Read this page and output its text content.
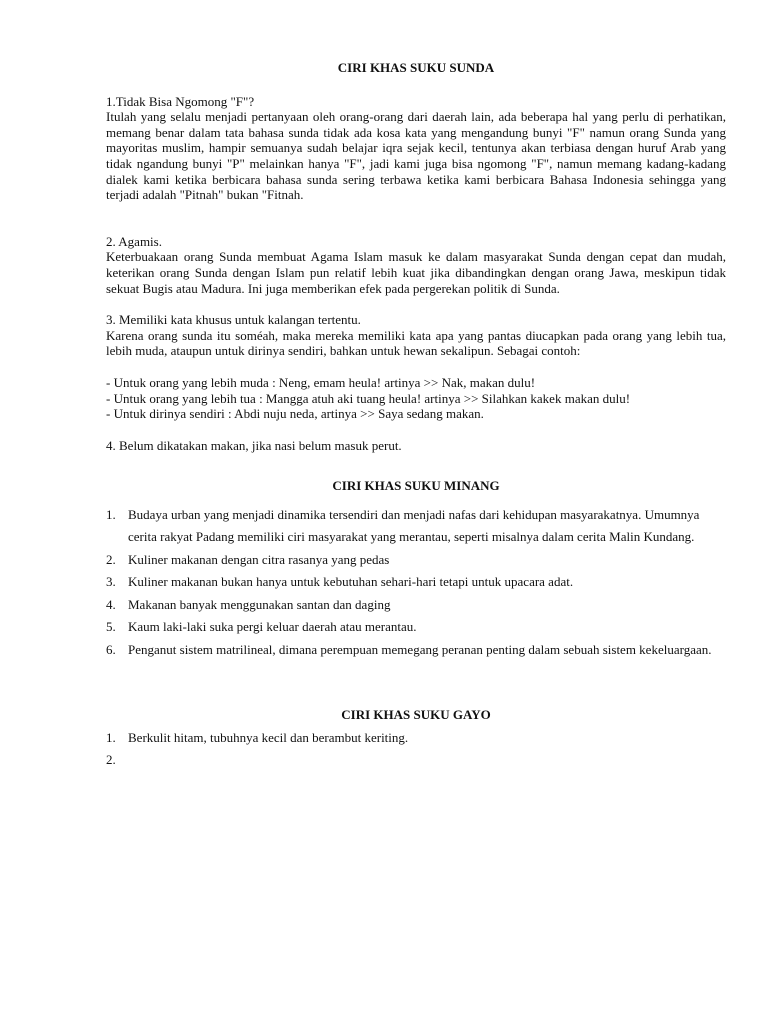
CIRI KHAS SUKU SUNDA

1.Tidak Bisa Ngomong "F"?

Itulah yang selalu menjadi pertanyaan oleh orang-orang dari daerah lain, ada beberapa hal yang perlu di perhatikan, memang benar dalam tata bahasa sunda tidak ada kosa kata yang mengandung bunyi "F" namun orang Sunda yang mayoritas muslim, hampir semuanya sudah belajar iqra sejak kecil, tentunya akan terbiasa dengan huruf Arab yang tidak ngandung bunyi "P" melainkan hanya "F", jadi kami juga bisa ngomong "F", namun memang kadang-kadang dialek kami ketika berbicara bahasa sunda sering terbawa ketika kami berbicara Bahasa Indonesia sehingga yang terjadi adalah "Pitnah" bukan "Fitnah.

2. Agamis.

Keterbuakaan orang Sunda membuat Agama Islam masuk ke dalam masyarakat Sunda dengan cepat dan mudah, keterikan orang Sunda dengan Islam pun relatif lebih kuat jika dibandingkan dengan orang Jawa, meskipun tidak sekuat Bugis atau Madura. Ini juga memberikan efek pada pergerekan politik di Sunda.

3. Memiliki kata khusus untuk kalangan tertentu.

Karena orang sunda itu soméah, maka mereka memiliki kata apa yang pantas diucapkan pada orang yang lebih tua, lebih muda, ataupun untuk dirinya sendiri, bahkan untuk hewan sekalipun. Sebagai contoh:

- Untuk orang yang lebih muda : Neng, emam heula! artinya >> Nak, makan dulu!

- Untuk orang yang lebih tua : Mangga atuh aki tuang heula! artinya >> Silahkan kakek makan dulu!

- Untuk dirinya sendiri : Abdi nuju neda, artinya >> Saya sedang makan.

4. Belum dikatakan makan, jika nasi belum masuk perut.

CIRI KHAS SUKU MINANG

1. Budaya urban yang menjadi dinamika tersendiri dan menjadi nafas dari kehidupan masyarakatnya. Umumnya cerita rakyat Padang memiliki ciri masyarakat yang merantau, seperti misalnya dalam cerita Malin Kundang.
2. Kuliner makanan dengan citra rasanya yang pedas
3. Kuliner makanan bukan hanya untuk kebutuhan sehari-hari tetapi untuk upacara adat.
4. Makanan banyak menggunakan santan dan daging
5. Kaum laki-laki suka pergi keluar daerah atau merantau.
6. Penganut sistem matrilineal, dimana perempuan memegang peranan penting dalam sebuah sistem kekeluargaan.

CIRI KHAS SUKU GAYO

1. Berkulit hitam, tubuhnya kecil dan berambut keriting.
2.
